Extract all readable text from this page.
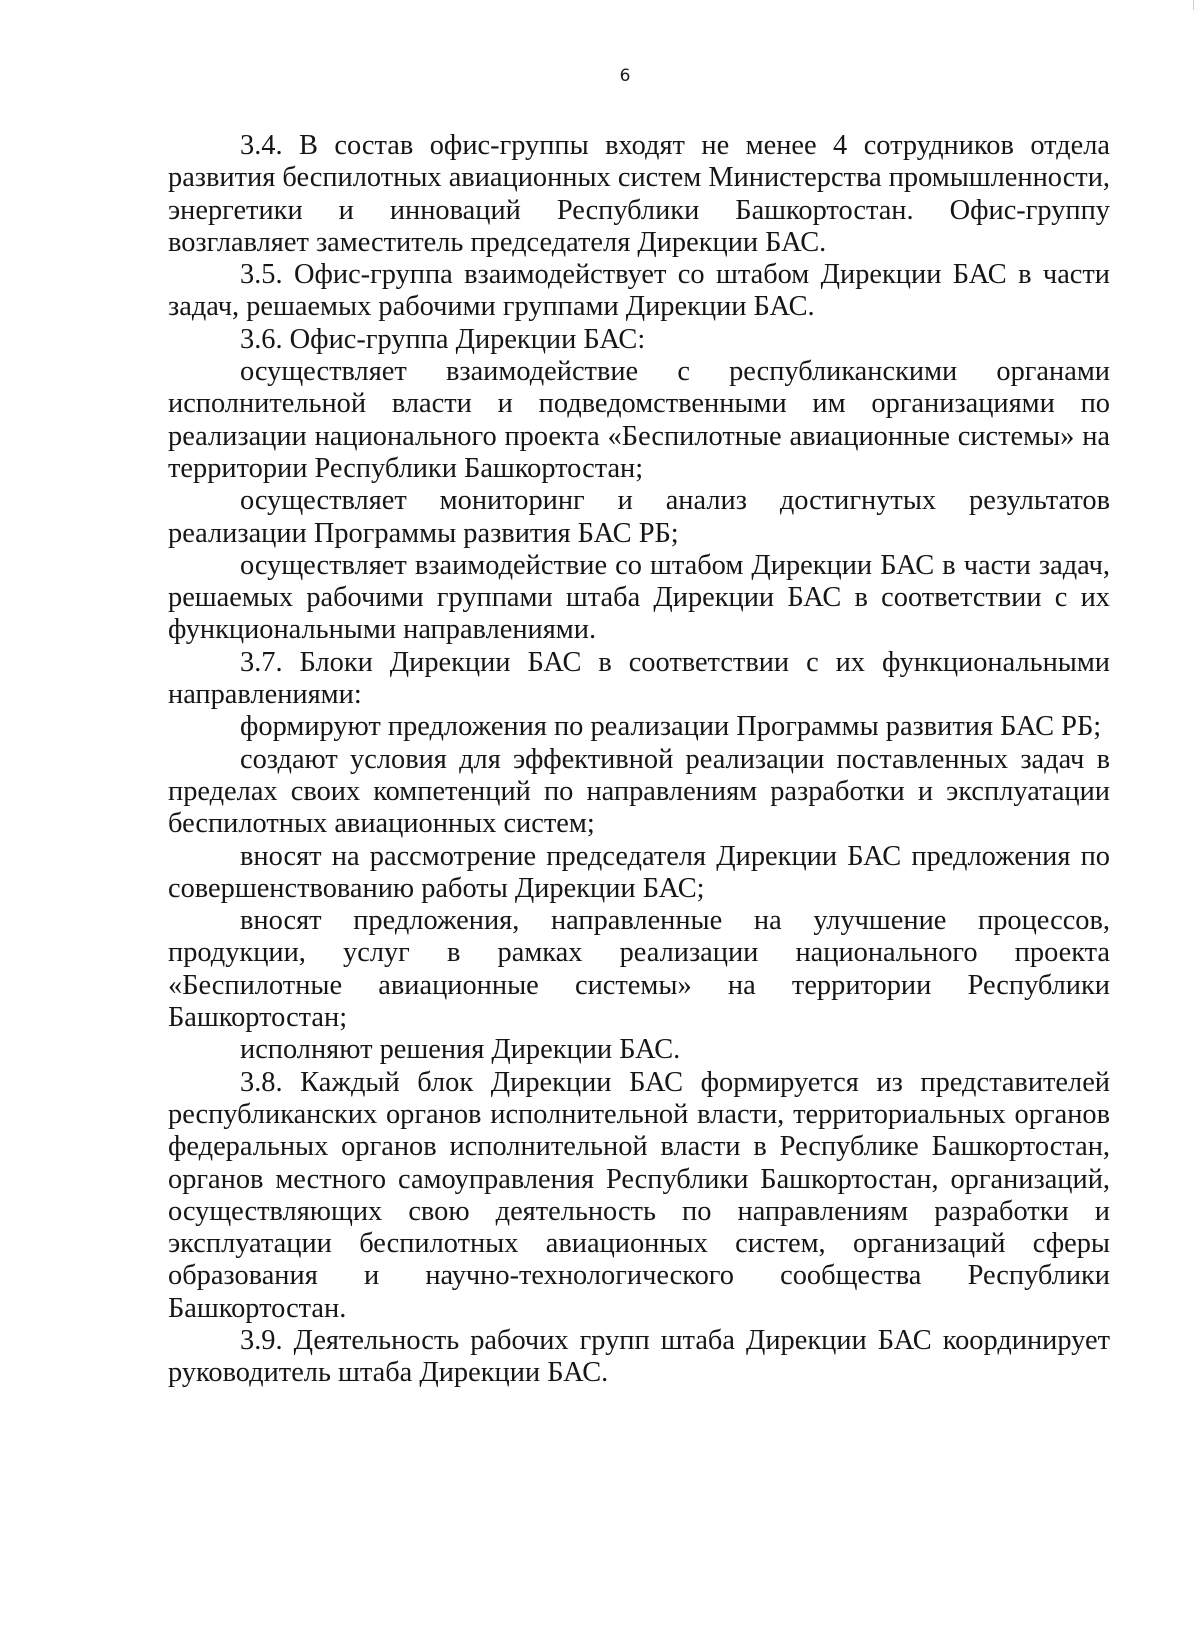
6

3.4. В состав офис-группы входят не менее 4 сотрудников отдела развития беспилотных авиационных систем Министерства промышленности, энергетики и инноваций Республики Башкортостан. Офис-группу возглавляет заместитель председателя Дирекции БАС.

3.5. Офис-группа взаимодействует со штабом Дирекции БАС в части задач, решаемых рабочими группами Дирекции БАС.

3.6. Офис-группа Дирекции БАС:

осуществляет взаимодействие с республиканскими органами исполнительной власти и подведомственными им организациями по реализации национального проекта «Беспилотные авиационные системы» на территории Республики Башкортостан;

осуществляет мониторинг и анализ достигнутых результатов реализации Программы развития БАС РБ;

осуществляет взаимодействие со штабом Дирекции БАС в части задач, решаемых рабочими группами штаба Дирекции БАС в соответствии с их функциональными направлениями.

3.7. Блоки Дирекции БАС в соответствии с их функциональными направлениями:

формируют предложения по реализации Программы развития БАС РБ;

создают условия для эффективной реализации поставленных задач в пределах своих компетенций по направлениям разработки и эксплуатации беспилотных авиационных систем;

вносят на рассмотрение председателя Дирекции БАС предложения по совершенствованию работы Дирекции БАС;

вносят предложения, направленные на улучшение процессов, продукции, услуг в рамках реализации национального проекта «Беспилотные авиационные системы» на территории Республики Башкортостан;

исполняют решения Дирекции БАС.

3.8. Каждый блок Дирекции БАС формируется из представителей республиканских органов исполнительной власти, территориальных органов федеральных органов исполнительной власти в Республике Башкортостан, органов местного самоуправления Республики Башкортостан, организаций, осуществляющих свою деятельность по направлениям разработки и эксплуатации беспилотных авиационных систем, организаций сферы образования и научно-технологического сообщества Республики Башкортостан.

3.9. Деятельность рабочих групп штаба Дирекции БАС координирует руководитель штаба Дирекции БАС.
